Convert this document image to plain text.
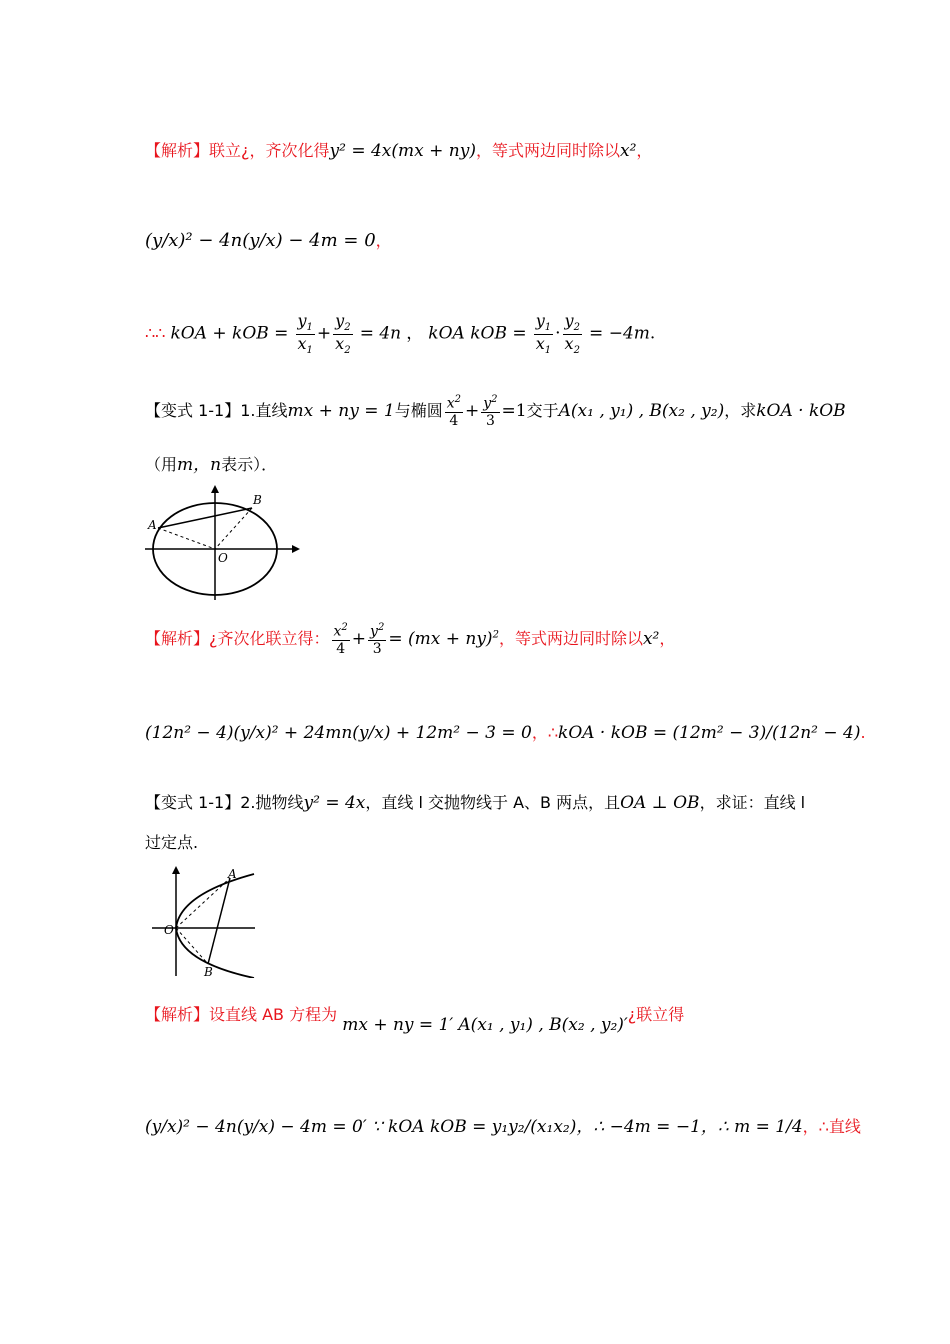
【解析】联立¿，齐次化得y² = 4x(mx + ny)，等式两边同时除以x²，
(y/x)² − 4n(y/x) − 4m = 0，
∴∴ kOA + kOB = $\frac{y_1}{x_1} + \frac{y_2}{x_2} = 4n$ ， kOA kOB = $\frac{y_1}{x_1} \cdot \frac{y_2}{x_2} = -4m$.
【变式 1-1】1.直线mx + ny = 1与椭圆 $\frac{x^2}{4} + \frac{y^2}{3} =1$交于A(x₁ , y₁) , B(x₂ , y₂)，求kOA · kOB
（用m，n表示）．
A
B
O
【解析】¿齐次化联立得： $\frac{x^2}{4} + \frac{y^2}{3} = (mx + ny)^2$，等式两边同时除以x²，
(12n² − 4)(y/x)² + 24mn(y/x) + 12m² − 3 = 0，∴kOA · kOB = (12m² − 3)/(12n² − 4).
【变式 1-1】2.抛物线y² = 4x，直线 l 交抛物线于 A、B 两点，且OA ⊥ OB，求证：直线 l
过定点.
A
B
O
【解析】设直线 AB 方程为 mx + ny = 1′ A(x₁ , y₁) , B(x₂ , y₂)′¿联立得
(y/x)² − 4n(y/x) − 4m = 0′ ∵ kOA kOB = y₁y₂/(x₁x₂)，∴ −4m = −1，∴ m = 1/4，∴直线
